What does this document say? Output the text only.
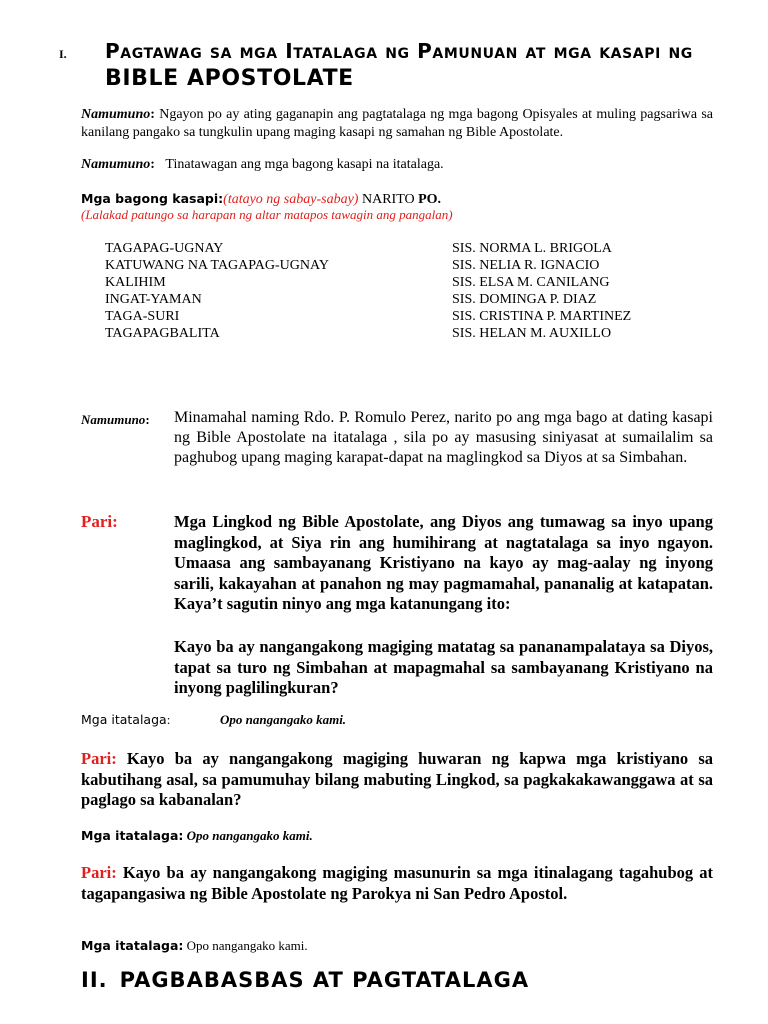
I. Pagtawag sa mga Itatalaga ng Pamunuan at mga kasapi ng BIBLE APOSTOLATE

Namumuno: Ngayon po ay ating gaganapin ang pagtatalaga ng mga bagong Opisyales at muling pagsariwa sa kanilang pangako sa tungkulin upang maging kasapi ng samahan ng Bible Apostolate.

Namumuno: Tinatawagan ang mga bagong kasapi na itatalaga.

Mga bagong kasapi:(tatayo ng sabay-sabay) NARITO PO.

(Lalakad patungo sa harapan ng altar matapos tawagin ang pangalan)

TAGAPAG-UGNAY	SIS. NORMA L. BRIGOLA
KATUWANG NA TAGAPAG-UGNAY	SIS. NELIA R. IGNACIO
KALIHIM	SIS. ELSA M. CANILANG
INGAT-YAMAN	SIS. DOMINGA P. DIAZ
TAGA-SURI	SIS. CRISTINA P. MARTINEZ
TAGAPAGBALITA	SIS. HELAN M. AUXILLO
Namumuno: Minamahal naming Rdo. P. Romulo Perez, narito po ang mga bago at dating kasapi ng Bible Apostolate na itatalaga , sila po ay masusing siniyasat at sumailalim sa paghubog upang maging karapat-dapat na maglingkod sa Diyos at sa Simbahan.

Pari:	Mga Lingkod ng Bible Apostolate, ang Diyos ang tumawag sa inyo upang maglingkod, at Siya rin ang humihirang at nagtatalaga sa inyo ngayon. Umaasa ang sambayanang Kristiyano na kayo ay mag-aalay ng inyong sarili, kakayahan at panahon ng may pagmamahal, pananalig at katapatan. Kaya’t sagutin ninyo ang mga katanungang ito:

Kayo ba ay nangangakong magiging matatag sa pananampalataya sa Diyos, tapat sa turo ng Simbahan at mapagmahal sa sambayanang Kristiyano na inyong paglilingkuran?

Mga itatalaga:	Opo nangangako kami.

Pari: Kayo ba ay nangangakong magiging huwaran ng kapwa mga kristiyano sa kabutihang asal, sa pamumuhay bilang mabuting Lingkod, sa pagkakakawanggawa at sa paglago sa kabanalan?

Mga itatalaga: Opo nangangako kami.

Pari: Kayo ba ay nangangakong magiging masunurin sa mga itinalagang tagahubog at tagapangasiwa ng Bible Apostolate ng Parokya ni San Pedro Apostol.

Mga itatalaga: Opo nangangako kami.
II. PAGBABASBAS AT PAGTATALAGA
